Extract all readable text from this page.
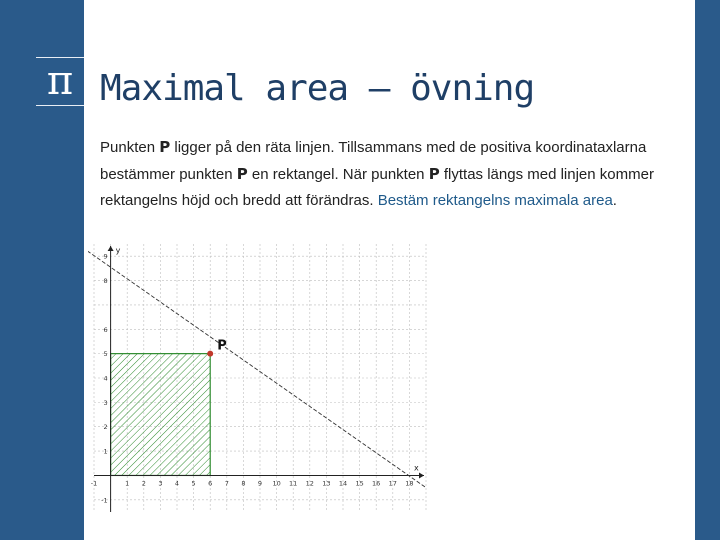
π Maximal area – övning

Punkten P ligger på den räta linjen. Tillsammans med de positiva koordinataxlarna bestämmer punkten P en rektangel. När punkten P flyttas längs med linjen kommer rektangelns höjd och bredd att förändras. Bestäm rektangelns maximala area.

x
y
-1	1 2 3 4 5 6 7 8 9 10 11 12 13 14 15 16 17 18
-1
1
2
3
4
5
6
8
9
P
